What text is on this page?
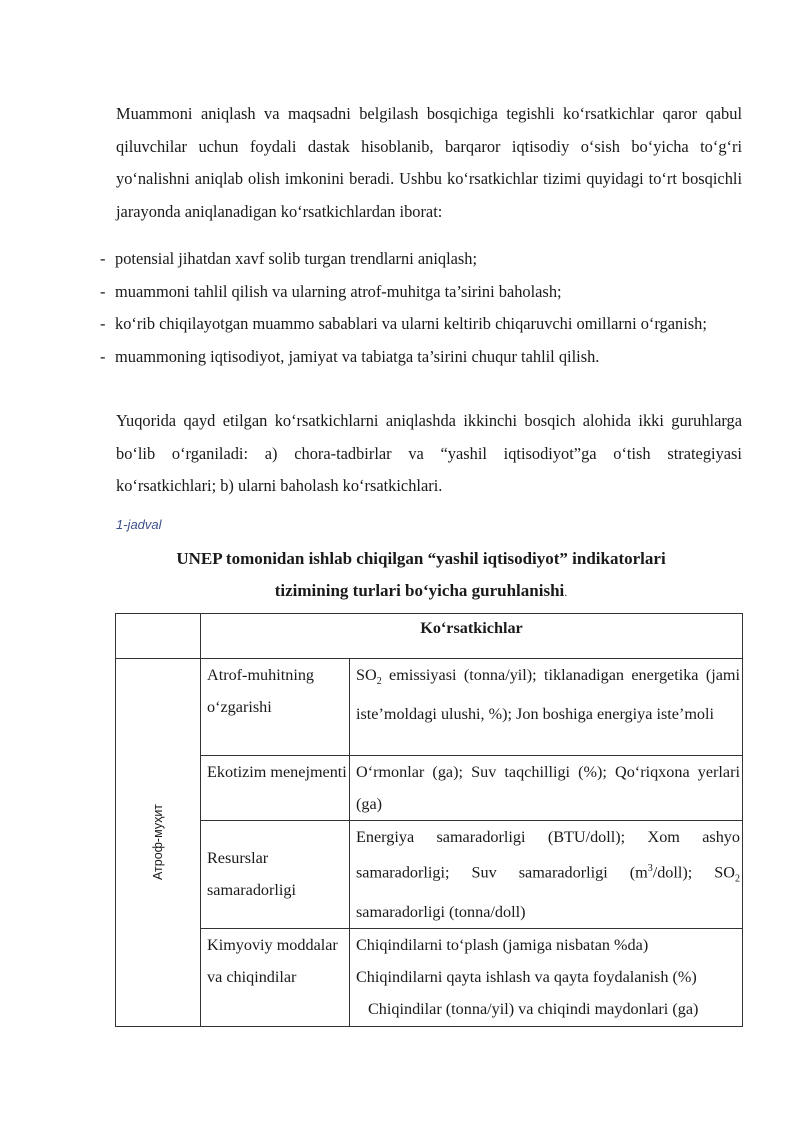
Muammoni aniqlash va maqsadni belgilash bosqichiga tegishli ko‘rsatkichlar qaror qabul qiluvchilar uchun foydali dastak hisoblanib, barqaror iqtisodiy o‘sish bo‘yicha to‘g‘ri yo‘nalishni aniqlab olish imkonini beradi. Ushbu ko‘rsatkichlar tizimi quyidagi to‘rt bosqichli jarayonda aniqlanadigan ko‘rsatkichlardan iborat:

- potensial jihatdan xavf solib turgan trendlarni aniqlash;
- muammoni tahlil qilish va ularning atrof-muhitga ta’sirini baholash;
- ko‘rib chiqilayotgan muammo sabablari va ularni keltirib chiqaruvchi omillarni o‘rganish;
- muammoning iqtisodiyot, jamiyat va tabiatga ta’sirini chuqur tahlil qilish.

Yuqorida qayd etilgan ko‘rsatkichlarni aniqlashda ikkinchi bosqich alohida ikki guruhlarga bo‘lib o‘rganiladi: a) chora-tadbirlar va “yashil iqtisodiyot”ga o‘tish strategiyasi ko‘rsatkichlari; b) ularni baholash ko‘rsatkichlari.

1-jadval
UNEP tomonidan ishlab chiqilgan “yashil iqtisodiyot” indikatorlari
tizimining turlari bo‘yicha guruhlanishi.
	Ko‘rsatkichlar	

Атроф-муҳит	Atrof-muhitning o‘zgarishi	$SO_2$ emissiyasi (tonna/yil); tiklanadigan energetika (jami iste’moldagi ulushi, %); Jon boshiga energiya iste’moli
	Ekotizim menejmenti	O‘rmonlar (ga); Suv taqchilligi (%); Qo‘riqxona yerlari (ga)
	Resurslar samaradorligi	Energiya samaradorligi (BTU/doll); Xom ashyo samaradorligi; Suv samaradorligi $(m^3/doll)$; $SO_2$ samaradorligi (tonna/doll)
	Kimyoviy moddalar va chiqindilar	Chiqindilarni to‘plash (jamiga nisbatan %da)
Chiqindilarni qayta ishlash va qayta foydalanish (%)
Chiqindilar (tonna/yil) va chiqindi maydonlari (ga)
